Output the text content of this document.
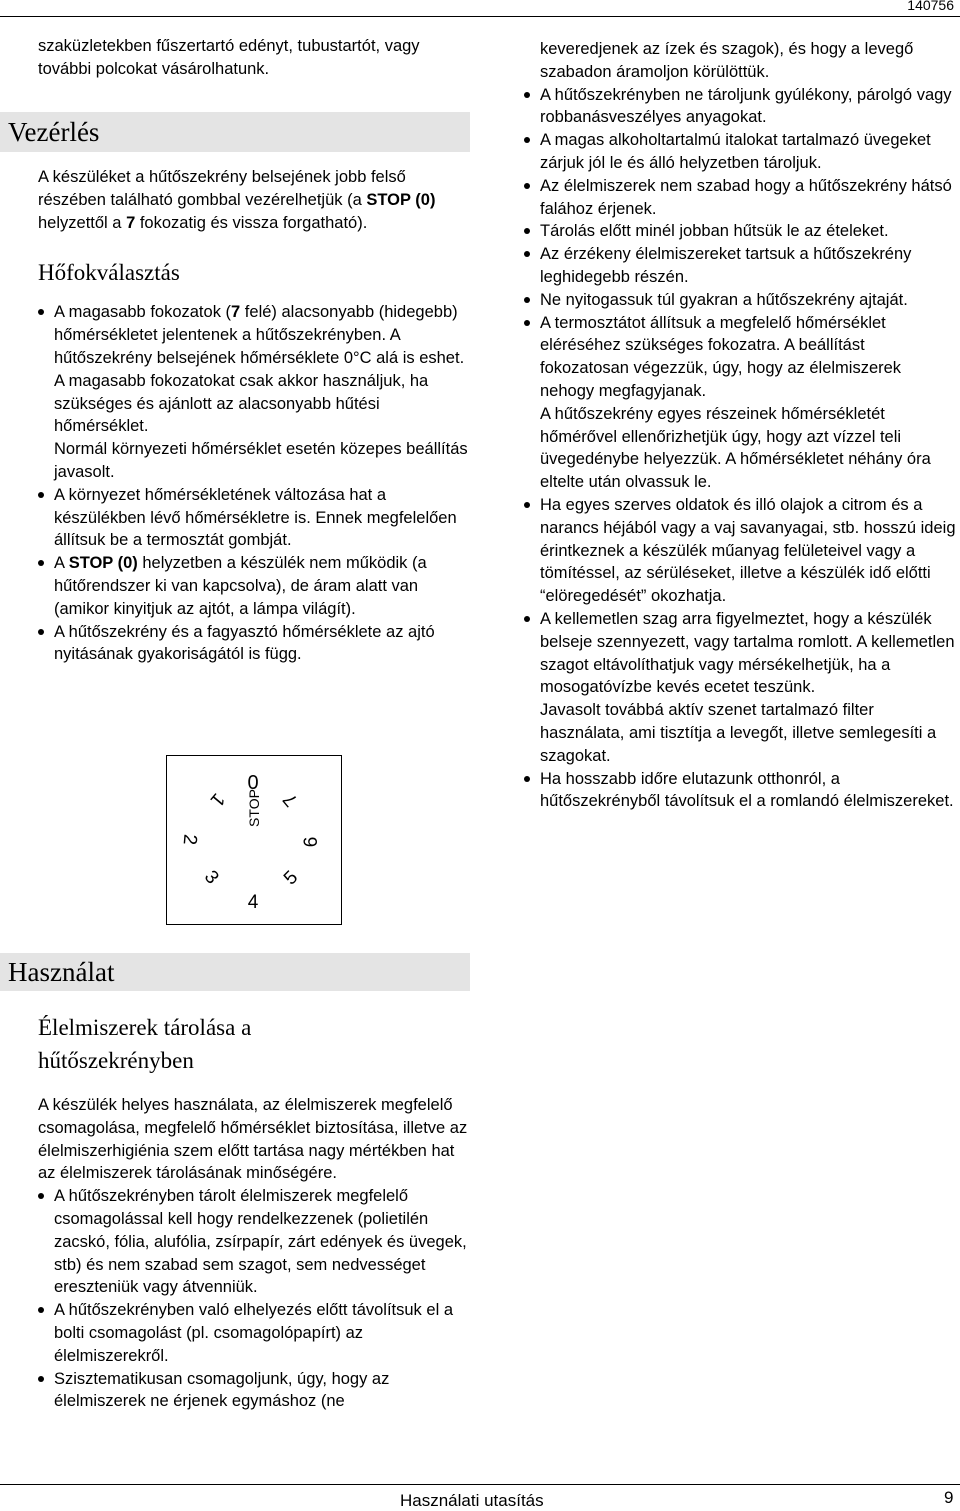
140756

szaküzletekben fűszertartó edényt, tubustartót, vagy további polcokat vásárolhatunk.

Vezérlés

A készüléket a hűtőszekrény belsejének jobb felső részében található gombbal vezérelhetjük (a STOP (0) helyzettől a 7 fokozatig és vissza forgatható).

Hőfokválasztás
A magasabb fokozatok (7 felé) alacsonyabb (hidegebb) hőmérsékletet jelentenek a hűtőszekrényben. A hűtőszekrény belsejének hőmérséklete 0°C alá is eshet. A magasabb fokozatokat csak akkor használjuk, ha szükséges és ajánlott az alacsonyabb hűtési hőmérséklet.
Normál környezeti hőmérséklet esetén közepes beállítás javasolt.
A környezet hőmérsékletének változása hat a készülékben lévő hőmérsékletre is. Ennek megfelelően állítsuk be a termosztát gombját.
A STOP (0) helyzetben a készülék nem működik (a hűtőrendszer ki van kapcsolva), de áram alatt van (amikor kinyitjuk az ajtót, a lámpa világít).
A hűtőszekrény és a fagyasztó hőmérséklete az ajtó nyitásának gyakoriságától is függ.
0
STOP
1
2
3
4
5
6
7
Használat
Élelmiszerek tárolása a
hűtőszekrényben

A készülék helyes használata, az élelmiszerek megfelelő csomagolása, megfelelő hőmérséklet biztosítása, illetve az élelmiszerhigiénia szem előtt tartása nagy mértékben hat az élelmiszerek tárolásának minőségére.

A hűtőszekrényben tárolt élelmiszerek megfelelő csomagolással kell hogy rendelkezzenek (polietilén zacskó, fólia, alufólia, zsírpapír, zárt edények és üvegek, stb) és nem szabad sem szagot, sem nedvességet ereszteniük vagy átvenniük.
A hűtőszekrényben való elhelyezés előtt távolítsuk el a bolti csomagolást (pl. csomagolópapírt) az élelmiszerekről.
Szisztematikusan csomagoljunk, úgy, hogy az élelmiszerek ne érjenek egymáshoz (ne

keveredjenek az ízek és szagok), és hogy a levegő szabadon áramoljon körülöttük.

A hűtőszekrényben ne tároljunk gyúlékony, párolgó vagy robbanásveszélyes anyagokat.
A magas alkoholtartalmú italokat tartalmazó üvegeket zárjuk jól le és álló helyzetben tároljuk.
Az élelmiszerek nem szabad hogy a hűtőszekrény hátsó falához érjenek.
Tárolás előtt minél jobban hűtsük le az ételeket.
Az érzékeny élelmiszereket tartsuk a hűtőszekrény leghidegebb részén.
Ne nyitogassuk túl gyakran a hűtőszekrény ajtaját.
A termosztátot állítsuk a megfelelő hőmérséklet eléréséhez szükséges fokozatra. A beállítást fokozatosan végezzük, úgy, hogy az élelmiszerek nehogy megfagyjanak.
A hűtőszekrény egyes részeinek hőmérsékletét hőmérővel ellenőrizhetjük úgy, hogy azt vízzel teli üvegedénybe helyezzük. A hőmérsékletet néhány óra eltelte után olvassuk le.
Ha egyes szerves oldatok és illó olajok a citrom és a narancs héjából vagy a vaj savanyagai, stb. hosszú ideig érintkeznek a készülék műanyag felületeivel vagy a tömítéssel, az sérüléseket, illetve a készülék idő előtti “elöregedését” okozhatja.
A kellemetlen szag arra figyelmeztet, hogy a készülék belseje szennyezett, vagy tartalma romlott. A kellemetlen szagot eltávolíthatjuk vagy mérsékelhetjük, ha a mosogatóvízbe kevés ecetet teszünk.
Javasolt továbbá aktív szenet tartalmazó filter használata, ami tisztítja a levegőt, illetve semlegesíti a szagokat.
Ha hosszabb időre elutazunk otthonról, a hűtőszekrényből távolítsuk el a romlandó élelmiszereket.
Használati utasítás	9
